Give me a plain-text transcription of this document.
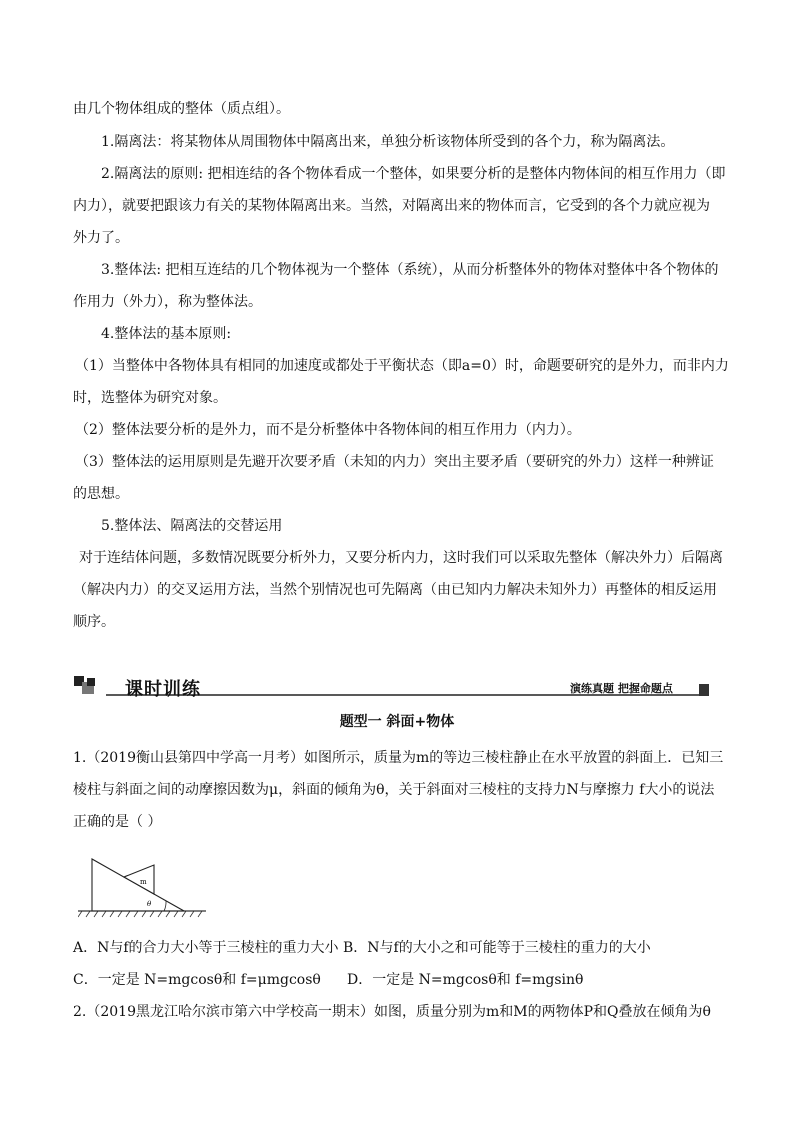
由几个物体组成的整体（质点组）。
1.隔离法：将某物体从周围物体中隔离出来，单独分析该物体所受到的各个力，称为隔离法。
2.隔离法的原则: 把相连结的各个物体看成一个整体，如果要分析的是整体内物体间的相互作用力（即
内力），就要把跟该力有关的某物体隔离出来。当然，对隔离出来的物体而言，它受到的各个力就应视为
外力了。
3.整体法: 把相互连结的几个物体视为一个整体（系统），从而分析整体外的物体对整体中各个物体的
作用力（外力），称为整体法。
4.整体法的基本原则:
（1）当整体中各物体具有相同的加速度或都处于平衡状态（即a=0）时，命题要研究的是外力，而非内力
时，选整体为研究对象。
（2）整体法要分析的是外力，而不是分析整体中各物体间的相互作用力（内力）。
（3）整体法的运用原则是先避开次要矛盾（未知的内力）突出主要矛盾（要研究的外力）这样一种辨证
的思想。
5.整体法、隔离法的交替运用
对于连结体问题，多数情况既要分析外力，又要分析内力，这时我们可以采取先整体（解决外力）后隔离
（解决内力）的交叉运用方法，当然个别情况也可先隔离（由已知内力解决未知外力）再整体的相反运用
顺序。
课时训练	演练真题 把握命题点
题型一 斜面+物体
1.（2019衡山县第四中学高一月考）如图所示，质量为m的等边三棱柱静止在水平放置的斜面上．已知三
棱柱与斜面之间的动摩擦因数为μ，斜面的倾角为θ，关于斜面对三棱柱的支持力N与摩擦力 f大小的说法
正确的是（ ）
m
θ
A．N与f的合力大小等于三棱柱的重力大小 B．N与f的大小之和可能等于三棱柱的重力的大小
C．一定是 N=mgcosθ和 f=μmgcosθ D．一定是 N=mgcosθ和 f=mgsinθ
2.（2019黑龙江哈尔滨市第六中学校高一期末）如图，质量分别为m和M的两物体P和Q叠放在倾角为θ
